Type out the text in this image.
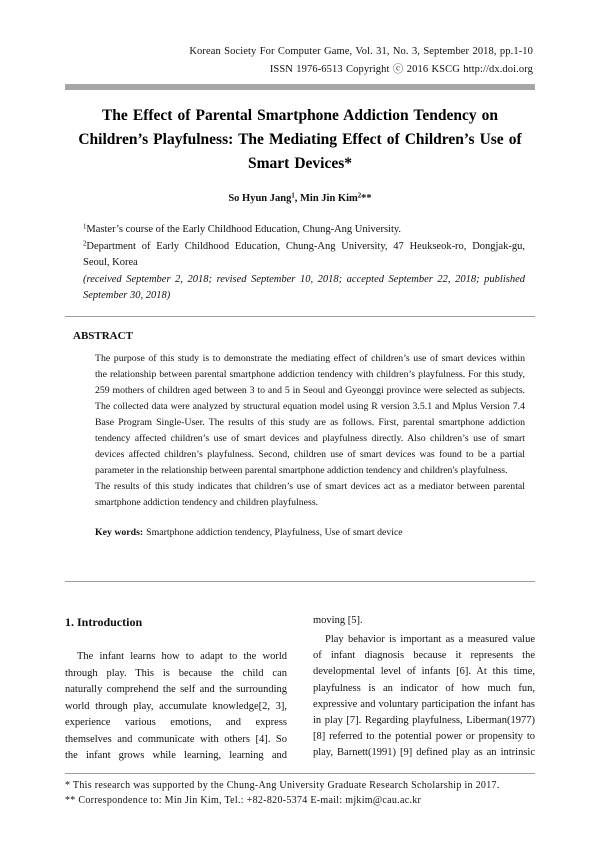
Korean Society For Computer Game, Vol. 31, No. 3, September 2018, pp.1-10
ISSN 1976-6513 Copyright ⓒ 2016 KSCG http://dx.doi.org
The Effect of Parental Smartphone Addiction Tendency on
Children’s Playfulness: The Mediating Effect of Children’s Use of
Smart Devices*
So Hyun Jang$^1$, Min Jin Kim$^2$**
$^1$Master’s course of the Early Childhood Education, Chung-Ang University.
$^2$Department of Early Childhood Education, Chung-Ang University, 47 Heukseok-ro, Dongjak-gu,
Seoul, Korea
(received September 2, 2018; revised September 10, 2018; accepted September 22, 2018; published
September 30, 2018)
ABSTRACT
The purpose of this study is to demonstrate the mediating effect of children’s use of smart devices within
the relationship between parental smartphone addiction tendency with children’s playfulness. For this study,
259 mothers of children aged between 3 to and 5 in Seoul and Gyeonggi province were selected as subjects.
The collected data were analyzed by structural equation model using R version 3.5.1 and Mplus Version 7.4
Base Program Single-User. The results of this study are as follows. First, parental smartphone addiction
tendency affected children’s use of smart devices and playfulness directly. Also children’s use of smart
devices affected children’s playfulness. Second, children use of smart devices was found to be a partial
parameter in the relationship between parental smartphone addiction tendency and children's playfulness.
The results of this study indicates that children’s use of smart devices act as a mediator between parental
smartphone addiction tendency and children playfulness.
Key words: Smartphone addiction tendency, Playfulness, Use of smart device
1. Introduction
The infant learns how to adapt to the world
through play. This is because the child can
naturally comprehend the self and the surrounding
world through play, accumulate knowledge[2, 3],
experience various emotions, and express
themselves and communicate with others [4]. So
the infant grows while learning, learning and
moving [5].
Play behavior is important as a measured value
of infant diagnosis because it represents the
developmental level of infants [6]. At this time,
playfulness is an indicator of how much fun,
expressive and voluntary participation the infant has
in play [7]. Regarding playfulness, Liberman(1977)
[8] referred to the potential power or propensity to
play, Barnett(1991) [9] defined play as an intrinsic
* This research was supported by the Chung-Ang University Graduate Research Scholarship in 2017.
** Correspondence to: Min Jin Kim, Tel.: +82-820-5374 E-mail: mjkim@cau.ac.kr
